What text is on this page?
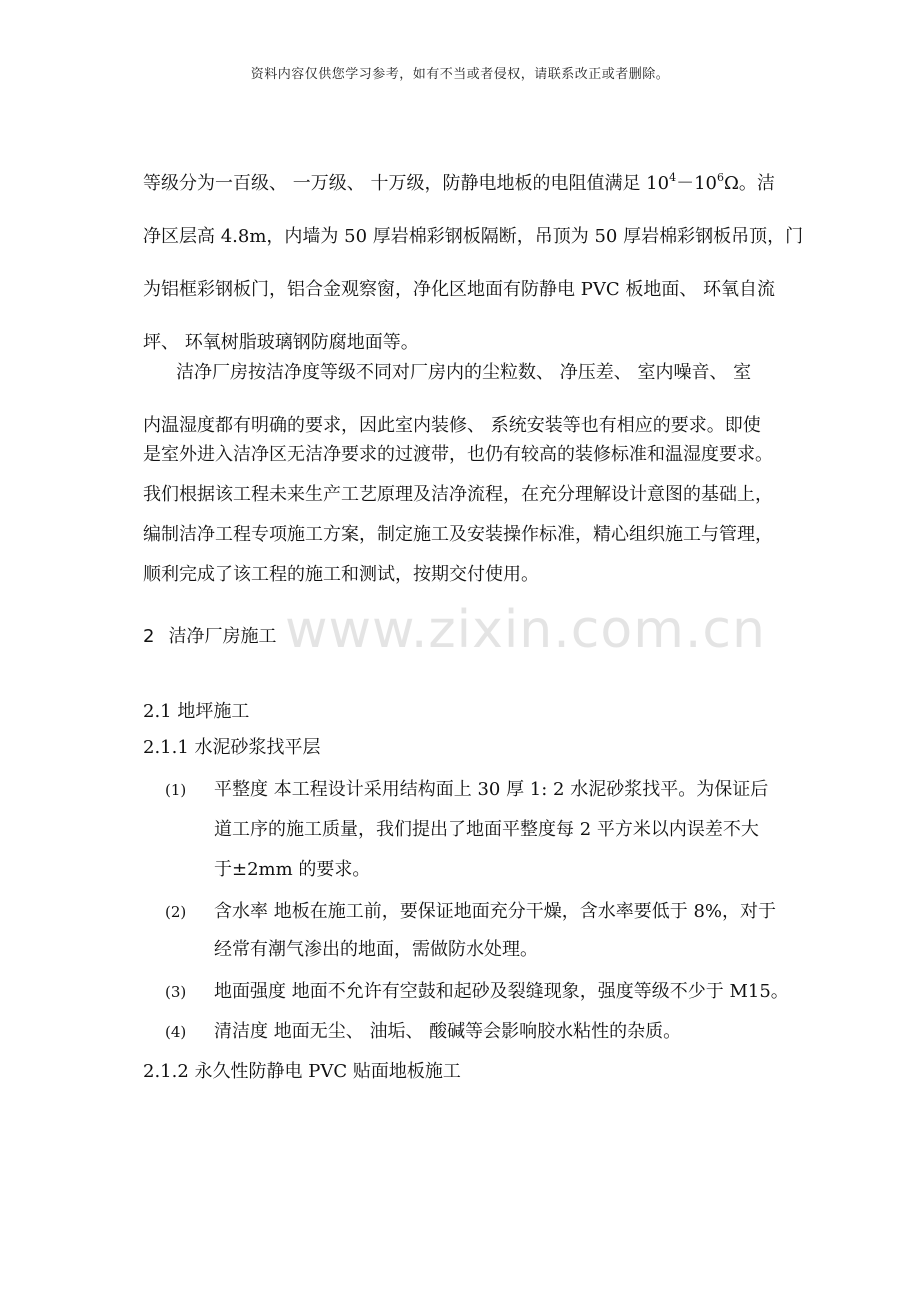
资料内容仅供您学习参考，如有不当或者侵权，请联系改正或者删除。
www.zixin.com.cn
等级分为一百级、 一万级、 十万级，防静电地板的电阻值满足 $10^4-10^6\Omega$。洁
净区层高 4.8m，内墙为 50 厚岩棉彩钢板隔断，吊顶为 50 厚岩棉彩钢板吊顶，门
为铝框彩钢板门，铝合金观察窗，净化区地面有防静电 PVC 板地面、 环氧自流
坪、 环氧树脂玻璃钢防腐地面等。
洁净厂房按洁净度等级不同对厂房内的尘粒数、 净压差、 室内噪音、 室
内温湿度都有明确的要求，因此室内装修、 系统安装等也有相应的要求。即使
是室外进入洁净区无洁净要求的过渡带，也仍有较高的装修标准和温湿度要求。
我们根据该工程未来生产工艺原理及洁净流程，在充分理解设计意图的基础上，
编制洁净工程专项施工方案，制定施工及安装操作标准，精心组织施工与管理，
顺利完成了该工程的施工和测试，按期交付使用。
2 洁净厂房施工
2.1 地坪施工
2.1.1 水泥砂浆找平层
(1) 平整度 本工程设计采用结构面上 30 厚 1: 2 水泥砂浆找平。为保证后
道工序的施工质量，我们提出了地面平整度每 2 平方米以内误差不大
于±2mm 的要求。
(2) 含水率 地板在施工前，要保证地面充分干燥，含水率要低于 8%，对于
经常有潮气渗出的地面，需做防水处理。
(3) 地面强度 地面不允许有空鼓和起砂及裂缝现象，强度等级不少于 M15。
(4) 清洁度 地面无尘、 油垢、 酸碱等会影响胶水粘性的杂质。
2.1.2 永久性防静电 PVC 贴面地板施工
